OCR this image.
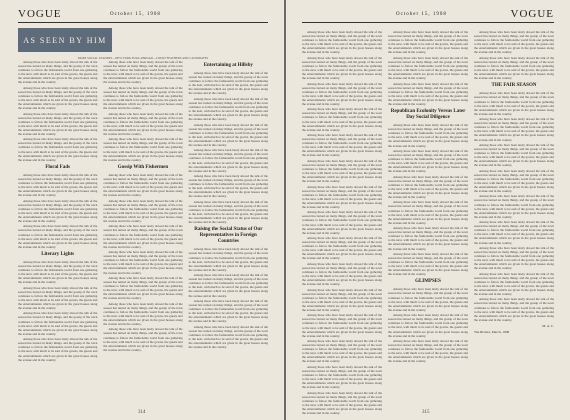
VOGUE	October 15, 1908
AS SEEN BY HIM
MORE SOCIAL LEADERS—NEW YORK FOLK ABROAD—COURT FEATHERS AND CANDIDATES

Among those who have been lately abroad the talk of the season has turned on many things, and the gossip of the town continues to follow the fashionable world from one gathering to the next, with much to be said of the gowns, the guests and the entertainments which are given in the great houses along the avenue and in the country.

Among those who have been lately abroad the talk of the season has turned on many things, and the gossip of the town continues to follow the fashionable world from one gathering to the next, with much to be said of the gowns, the guests and the entertainments which are given in the great houses along the avenue and in the country.

Among those who have been lately abroad the talk of the season has turned on many things, and the gossip of the town continues to follow the fashionable world from one gathering to the next, with much to be said of the gowns, the guests and the entertainments which are given in the great houses along the avenue and in the country.

Among those who have been lately abroad the talk of the season has turned on many things, and the gossip of the town continues to follow the fashionable world from one gathering to the next, with much to be said of the gowns, the guests and the entertainments which are given in the great houses along the avenue and in the country.

Floral Fads

Among those who have been lately abroad the talk of the season has turned on many things, and the gossip of the town continues to follow the fashionable world from one gathering to the next, with much to be said of the gowns, the guests and the entertainments which are given in the great houses along the avenue and in the country.

Among those who have been lately abroad the talk of the season has turned on many things, and the gossip of the town continues to follow the fashionable world from one gathering to the next, with much to be said of the gowns, the guests and the entertainments which are given in the great houses along the avenue and in the country.

Among those who have been lately abroad the talk of the season has turned on many things, and the gossip of the town continues to follow the fashionable world from one gathering to the next, with much to be said of the gowns, the guests and the entertainments which are given in the great houses along the avenue and in the country.

Literary Lights

Among those who have been lately abroad the talk of the season has turned on many things, and the gossip of the town continues to follow the fashionable world from one gathering to the next, with much to be said of the gowns, the guests and the entertainments which are given in the great houses along the avenue and in the country.

Among those who have been lately abroad the talk of the season has turned on many things, and the gossip of the town continues to follow the fashionable world from one gathering to the next, with much to be said of the gowns, the guests and the entertainments which are given in the great houses along the avenue and in the country.

Among those who have been lately abroad the talk of the season has turned on many things, and the gossip of the town continues to follow the fashionable world from one gathering to the next, with much to be said of the gowns, the guests and the entertainments which are given in the great houses along the avenue and in the country.

Among those who have been lately abroad the talk of the season has turned on many things, and the gossip of the town continues to follow the fashionable world from one gathering to the next, with much to be said of the gowns, the guests and the entertainments which are given in the great houses along the avenue and in the country.

Among those who have been lately abroad the talk of the season has turned on many things, and the gossip of the town continues to follow the fashionable world from one gathering to the next, with much to be said of the gowns, the guests and the entertainments which are given in the great houses along the avenue and in the country.

Among those who have been lately abroad the talk of the season has turned on many things, and the gossip of the town continues to follow the fashionable world from one gathering to the next, with much to be said of the gowns, the guests and the entertainments which are given in the great houses along the avenue and in the country.

Among those who have been lately abroad the talk of the season has turned on many things, and the gossip of the town continues to follow the fashionable world from one gathering to the next, with much to be said of the gowns, the guests and the entertainments which are given in the great houses along the avenue and in the country.

Among those who have been lately abroad the talk of the season has turned on many things, and the gossip of the town continues to follow the fashionable world from one gathering to the next, with much to be said of the gowns, the guests and the entertainments which are given in the great houses along the avenue and in the country.

Gossip With Fishermen

Among those who have been lately abroad the talk of the season has turned on many things, and the gossip of the town continues to follow the fashionable world from one gathering to the next, with much to be said of the gowns, the guests and the entertainments which are given in the great houses along the avenue and in the country.

Among those who have been lately abroad the talk of the season has turned on many things, and the gossip of the town continues to follow the fashionable world from one gathering to the next, with much to be said of the gowns, the guests and the entertainments which are given in the great houses along the avenue and in the country.

Among those who have been lately abroad the talk of the season has turned on many things, and the gossip of the town continues to follow the fashionable world from one gathering to the next, with much to be said of the gowns, the guests and the entertainments which are given in the great houses along the avenue and in the country.

Among those who have been lately abroad the talk of the season has turned on many things, and the gossip of the town continues to follow the fashionable world from one gathering to the next, with much to be said of the gowns, the guests and the entertainments which are given in the great houses along the avenue and in the country.

Among those who have been lately abroad the talk of the season has turned on many things, and the gossip of the town continues to follow the fashionable world from one gathering to the next, with much to be said of the gowns, the guests and the entertainments which are given in the great houses along the avenue and in the country.

Among those who have been lately abroad the talk of the season has turned on many things, and the gossip of the town continues to follow the fashionable world from one gathering to the next, with much to be said of the gowns, the guests and the entertainments which are given in the great houses along the avenue and in the country.

Among those who have been lately abroad the talk of the season has turned on many things, and the gossip of the town continues to follow the fashionable world from one gathering to the next, with much to be said of the gowns, the guests and the entertainments which are given in the great houses along the avenue and in the country.

Entertaining at Hillsby

Among those who have been lately abroad the talk of the season has turned on many things, and the gossip of the town continues to follow the fashionable world from one gathering to the next, with much to be said of the gowns, the guests and the entertainments which are given in the great houses along the avenue and in the country.

Among those who have been lately abroad the talk of the season has turned on many things, and the gossip of the town continues to follow the fashionable world from one gathering to the next, with much to be said of the gowns, the guests and the entertainments which are given in the great houses along the avenue and in the country.

Among those who have been lately abroad the talk of the season has turned on many things, and the gossip of the town continues to follow the fashionable world from one gathering to the next, with much to be said of the gowns, the guests and the entertainments which are given in the great houses along the avenue and in the country.

Among those who have been lately abroad the talk of the season has turned on many things, and the gossip of the town continues to follow the fashionable world from one gathering to the next, with much to be said of the gowns, the guests and the entertainments which are given in the great houses along the avenue and in the country.

Among those who have been lately abroad the talk of the season has turned on many things, and the gossip of the town continues to follow the fashionable world from one gathering to the next, with much to be said of the gowns, the guests and the entertainments which are given in the great houses along the avenue and in the country.

Among those who have been lately abroad the talk of the season has turned on many things, and the gossip of the town continues to follow the fashionable world from one gathering to the next, with much to be said of the gowns, the guests and the entertainments which are given in the great houses along the avenue and in the country.

Raising the Social Status of Our Representatives in Foreign Countries

Among those who have been lately abroad the talk of the season has turned on many things, and the gossip of the town continues to follow the fashionable world from one gathering to the next, with much to be said of the gowns, the guests and the entertainments which are given in the great houses along the avenue and in the country.

Among those who have been lately abroad the talk of the season has turned on many things, and the gossip of the town continues to follow the fashionable world from one gathering to the next, with much to be said of the gowns, the guests and the entertainments which are given in the great houses along the avenue and in the country.

Among those who have been lately abroad the talk of the season has turned on many things, and the gossip of the town continues to follow the fashionable world from one gathering to the next, with much to be said of the gowns, the guests and the entertainments which are given in the great houses along the avenue and in the country.

Among those who have been lately abroad the talk of the season has turned on many things, and the gossip of the town continues to follow the fashionable world from one gathering to the next, with much to be said of the gowns, the guests and the entertainments which are given in the great houses along the avenue and in the country.

314
VOGUE
October 15, 1908

Among those who have been lately abroad the talk of the season has turned on many things, and the gossip of the town continues to follow the fashionable world from one gathering to the next, with much to be said of the gowns, the guests and the entertainments which are given in the great houses along the avenue and in the country.

Among those who have been lately abroad the talk of the season has turned on many things, and the gossip of the town continues to follow the fashionable world from one gathering to the next, with much to be said of the gowns, the guests and the entertainments which are given in the great houses along the avenue and in the country.

Among those who have been lately abroad the talk of the season has turned on many things, and the gossip of the town continues to follow the fashionable world from one gathering to the next, with much to be said of the gowns, the guests and the entertainments which are given in the great houses along the avenue and in the country.

Among those who have been lately abroad the talk of the season has turned on many things, and the gossip of the town continues to follow the fashionable world from one gathering to the next, with much to be said of the gowns, the guests and the entertainments which are given in the great houses along the avenue and in the country.

Among those who have been lately abroad the talk of the season has turned on many things, and the gossip of the town continues to follow the fashionable world from one gathering to the next, with much to be said of the gowns, the guests and the entertainments which are given in the great houses along the avenue and in the country.

Among those who have been lately abroad the talk of the season has turned on many things, and the gossip of the town continues to follow the fashionable world from one gathering to the next, with much to be said of the gowns, the guests and the entertainments which are given in the great houses along the avenue and in the country.

Among those who have been lately abroad the talk of the season has turned on many things, and the gossip of the town continues to follow the fashionable world from one gathering to the next, with much to be said of the gowns, the guests and the entertainments which are given in the great houses along the avenue and in the country.

Among those who have been lately abroad the talk of the season has turned on many things, and the gossip of the town continues to follow the fashionable world from one gathering to the next, with much to be said of the gowns, the guests and the entertainments which are given in the great houses along the avenue and in the country.

Among those who have been lately abroad the talk of the season has turned on many things, and the gossip of the town continues to follow the fashionable world from one gathering to the next, with much to be said of the gowns, the guests and the entertainments which are given in the great houses along the avenue and in the country.

Among those who have been lately abroad the talk of the season has turned on many things, and the gossip of the town continues to follow the fashionable world from one gathering to the next, with much to be said of the gowns, the guests and the entertainments which are given in the great houses along the avenue and in the country.

Among those who have been lately abroad the talk of the season has turned on many things, and the gossip of the town continues to follow the fashionable world from one gathering to the next, with much to be said of the gowns, the guests and the entertainments which are given in the great houses along the avenue and in the country.

Among those who have been lately abroad the talk of the season has turned on many things, and the gossip of the town continues to follow the fashionable world from one gathering to the next, with much to be said of the gowns, the guests and the entertainments which are given in the great houses along the avenue and in the country.

Among those who have been lately abroad the talk of the season has turned on many things, and the gossip of the town continues to follow the fashionable world from one gathering to the next, with much to be said of the gowns, the guests and the entertainments which are given in the great houses along the avenue and in the country.

Among those who have been lately abroad the talk of the season has turned on many things, and the gossip of the town continues to follow the fashionable world from one gathering to the next, with much to be said of the gowns, the guests and the entertainments which are given in the great houses along the avenue and in the country.

Among those who have been lately abroad the talk of the season has turned on many things, and the gossip of the town continues to follow the fashionable world from one gathering to the next, with much to be said of the gowns, the guests and the entertainments which are given in the great houses along the avenue and in the country.

Among those who have been lately abroad the talk of the season has turned on many things, and the gossip of the town continues to follow the fashionable world from one gathering to the next, with much to be said of the gowns, the guests and the entertainments which are given in the great houses along the avenue and in the country.

Among those who have been lately abroad the talk of the season has turned on many things, and the gossip of the town continues to follow the fashionable world from one gathering to the next, with much to be said of the gowns, the guests and the entertainments which are given in the great houses along the avenue and in the country.

Among those who have been lately abroad the talk of the season has turned on many things, and the gossip of the town continues to follow the fashionable world from one gathering to the next, with much to be said of the gowns, the guests and the entertainments which are given in the great houses along the avenue and in the country.

Republican Ecolonity Versus Later Day Social Diligence

Among those who have been lately abroad the talk of the season has turned on many things, and the gossip of the town continues to follow the fashionable world from one gathering to the next, with much to be said of the gowns, the guests and the entertainments which are given in the great houses along the avenue and in the country.

Among those who have been lately abroad the talk of the season has turned on many things, and the gossip of the town continues to follow the fashionable world from one gathering to the next, with much to be said of the gowns, the guests and the entertainments which are given in the great houses along the avenue and in the country.

Among those who have been lately abroad the talk of the season has turned on many things, and the gossip of the town continues to follow the fashionable world from one gathering to the next, with much to be said of the gowns, the guests and the entertainments which are given in the great houses along the avenue and in the country.

Among those who have been lately abroad the talk of the season has turned on many things, and the gossip of the town continues to follow the fashionable world from one gathering to the next, with much to be said of the gowns, the guests and the entertainments which are given in the great houses along the avenue and in the country.

Among those who have been lately abroad the talk of the season has turned on many things, and the gossip of the town continues to follow the fashionable world from one gathering to the next, with much to be said of the gowns, the guests and the entertainments which are given in the great houses along the avenue and in the country.

Among those who have been lately abroad the talk of the season has turned on many things, and the gossip of the town continues to follow the fashionable world from one gathering to the next, with much to be said of the gowns, the guests and the entertainments which are given in the great houses along the avenue and in the country.

GLIMPSES

Among those who have been lately abroad the talk of the season has turned on many things, and the gossip of the town continues to follow the fashionable world from one gathering to the next, with much to be said of the gowns, the guests and the entertainments which are given in the great houses along the avenue and in the country.

Among those who have been lately abroad the talk of the season has turned on many things, and the gossip of the town continues to follow the fashionable world from one gathering to the next, with much to be said of the gowns, the guests and the entertainments which are given in the great houses along the avenue and in the country.

Among those who have been lately abroad the talk of the season has turned on many things, and the gossip of the town continues to follow the fashionable world from one gathering to the next, with much to be said of the gowns, the guests and the entertainments which are given in the great houses along the avenue and in the country.

Among those who have been lately abroad the talk of the season has turned on many things, and the gossip of the town continues to follow the fashionable world from one gathering to the next, with much to be said of the gowns, the guests and the entertainments which are given in the great houses along the avenue and in the country.

Among those who have been lately abroad the talk of the season has turned on many things, and the gossip of the town continues to follow the fashionable world from one gathering to the next, with much to be said of the gowns, the guests and the entertainments which are given in the great houses along the avenue and in the country.

THE FAIR SEASON

Among those who have been lately abroad the talk of the season has turned on many things, and the gossip of the town continues to follow the fashionable world from one gathering to the next, with much to be said of the gowns, the guests and the entertainments which are given in the great houses along the avenue and in the country.

Among those who have been lately abroad the talk of the season has turned on many things, and the gossip of the town continues to follow the fashionable world from one gathering to the next, with much to be said of the gowns, the guests and the entertainments which are given in the great houses along the avenue and in the country.

Among those who have been lately abroad the talk of the season has turned on many things, and the gossip of the town continues to follow the fashionable world from one gathering to the next, with much to be said of the gowns, the guests and the entertainments which are given in the great houses along the avenue and in the country.

Among those who have been lately abroad the talk of the season has turned on many things, and the gossip of the town continues to follow the fashionable world from one gathering to the next, with much to be said of the gowns, the guests and the entertainments which are given in the great houses along the avenue and in the country.

Among those who have been lately abroad the talk of the season has turned on many things, and the gossip of the town continues to follow the fashionable world from one gathering to the next, with much to be said of the gowns, the guests and the entertainments which are given in the great houses along the avenue and in the country.

Among those who have been lately abroad the talk of the season has turned on many things, and the gossip of the town continues to follow the fashionable world from one gathering to the next, with much to be said of the gowns, the guests and the entertainments which are given in the great houses along the avenue and in the country.

Among those who have been lately abroad the talk of the season has turned on many things, and the gossip of the town continues to follow the fashionable world from one gathering to the next, with much to be said of the gowns, the guests and the entertainments which are given in the great houses along the avenue and in the country.

Among those who have been lately abroad the talk of the season has turned on many things, and the gossip of the town continues to follow the fashionable world from one gathering to the next, with much to be said of the gowns, the guests and the entertainments which are given in the great houses along the avenue and in the country.

Among those who have been lately abroad the talk of the season has turned on many things, and the gossip of the town continues to follow the fashionable world from one gathering to the next, with much to be said of the gowns, the guests and the entertainments which are given in the great houses along the avenue and in the country.

M. A. C.
The Riviera, March, 1908
315
